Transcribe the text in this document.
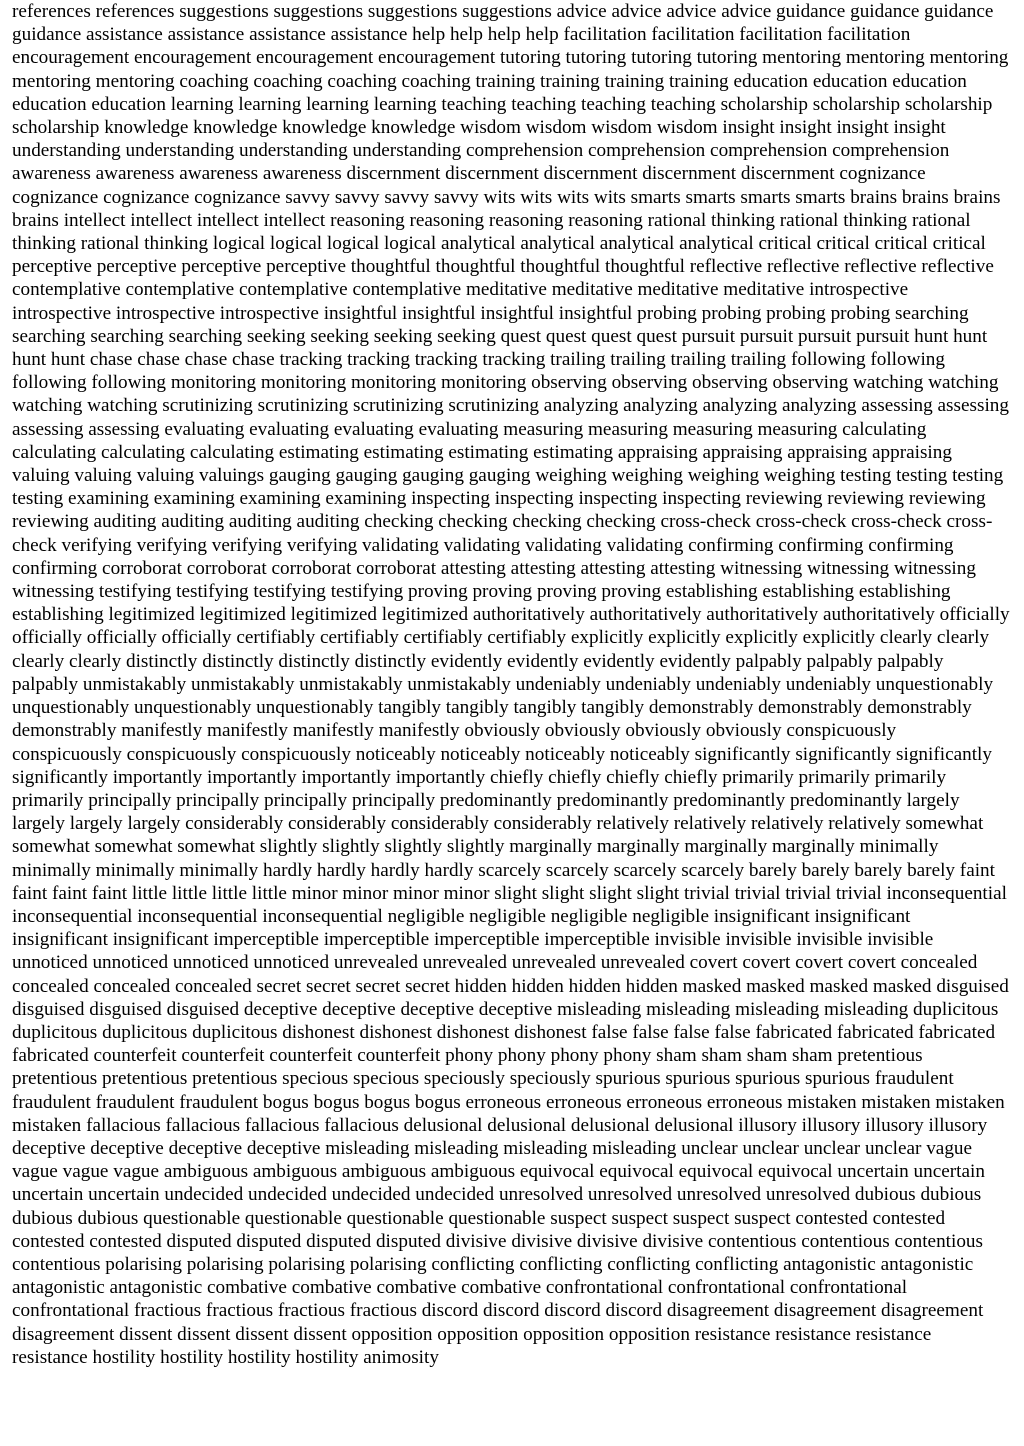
references references suggestions suggestions suggestions suggestions advice advice advice advice guidance guidance guidance guidance assistance assistance assistance assistance help help help help facilitation facilitation facilitation facilitation encouragement encouragement encouragement encouragement tutoring tutoring tutoring tutoring mentoring mentoring mentoring mentoring mentoring coaching coaching coaching coaching training training training training education education education education education learning learning learning learning teaching teaching teaching teaching scholarship scholarship scholarship scholarship knowledge knowledge knowledge knowledge wisdom wisdom wisdom wisdom insight insight insight insight understanding understanding understanding understanding comprehension comprehension comprehension comprehension awareness awareness awareness awareness discernment discernment discernment discernment discernment cognizance cognizance cognizance cognizance savvy savvy savvy savvy wits wits wits wits smarts smarts smarts smarts brains brains brains brains intellect intellect intellect intellect reasoning reasoning reasoning reasoning rational thinking rational thinking rational thinking rational thinking logical logical logical logical analytical analytical analytical analytical critical critical critical critical perceptive perceptive perceptive perceptive thoughtful thoughtful thoughtful thoughtful reflective reflective reflective reflective contemplative contemplative contemplative contemplative meditative meditative meditative meditative introspective introspective introspective introspective insightful insightful insightful insightful probing probing probing probing searching searching searching searching seeking seeking seeking seeking quest quest quest quest pursuit pursuit pursuit pursuit hunt hunt hunt hunt chase chase chase chase tracking tracking tracking tracking trailing trailing trailing trailing following following following following monitoring monitoring monitoring monitoring observing observing observing observing watching watching watching watching scrutinizing scrutinizing scrutinizing scrutinizing analyzing analyzing analyzing analyzing assessing assessing assessing assessing evaluating evaluating evaluating evaluating measuring measuring measuring measuring calculating calculating calculating calculating estimating estimating estimating estimating appraising appraising appraising appraising valuing valuing valuing valuings gauging gauging gauging gauging weighing weighing weighing weighing testing testing testing testing examining examining examining examining inspecting inspecting inspecting inspecting reviewing reviewing reviewing reviewing auditing auditing auditing auditing checking checking checking checking cross-check cross-check cross-check cross-check verifying verifying verifying verifying validating validating validating validating confirming confirming confirming confirming corroborat corroborat corroborat corroborat attesting attesting attesting attesting witnessing witnessing witnessing witnessing testifying testifying testifying testifying proving proving proving proving establishing establishing establishing establishing legitimized legitimized legitimized legitimized authoritatively authoritatively authoritatively authoritatively officially officially officially officially certifiably certifiably certifiably certifiably explicitly explicitly explicitly explicitly clearly clearly clearly clearly distinctly distinctly distinctly distinctly evidently evidently evidently evidently palpably palpably palpably palpably unmistakably unmistakably unmistakably unmistakably undeniably undeniably undeniably undeniably unquestionably unquestionably unquestionably unquestionably tangibly tangibly tangibly tangibly demonstrably demonstrably demonstrably demonstrably manifestly manifestly manifestly manifestly obviously obviously obviously obviously conspicuously conspicuously conspicuously conspicuously noticeably noticeably noticeably noticeably significantly significantly significantly significantly importantly importantly importantly importantly chiefly chiefly chiefly chiefly primarily primarily primarily primarily principally principally principally principally predominantly predominantly predominantly predominantly largely largely largely largely considerably considerably considerably considerably relatively relatively relatively relatively somewhat somewhat somewhat somewhat slightly slightly slightly slightly marginally marginally marginally marginally minimally minimally minimally minimally hardly hardly hardly hardly scarcely scarcely scarcely scarcely barely barely barely barely faint faint faint faint little little little little minor minor minor minor slight slight slight slight trivial trivial trivial trivial inconsequential inconsequential inconsequential inconsequential negligible negligible negligible negligible insignificant insignificant insignificant insignificant imperceptible imperceptible imperceptible imperceptible invisible invisible invisible invisible unnoticed unnoticed unnoticed unnoticed unrevealed unrevealed unrevealed unrevealed covert covert covert covert concealed concealed concealed concealed secret secret secret secret hidden hidden hidden hidden masked masked masked masked disguised disguised disguised disguised deceptive deceptive deceptive deceptive misleading misleading misleading misleading duplicitous duplicitous duplicitous duplicitous dishonest dishonest dishonest dishonest false false false false fabricated fabricated fabricated fabricated counterfeit counterfeit counterfeit counterfeit phony phony phony phony sham sham sham sham pretentious pretentious pretentious pretentious specious specious speciously speciously spurious spurious spurious spurious fraudulent fraudulent fraudulent fraudulent bogus bogus bogus bogus erroneous erroneous erroneous erroneous mistaken mistaken mistaken mistaken fallacious fallacious fallacious fallacious delusional delusional delusional delusional illusory illusory illusory illusory deceptive deceptive deceptive deceptive misleading misleading misleading misleading unclear unclear unclear unclear vague vague vague vague ambiguous ambiguous ambiguous ambiguous equivocal equivocal equivocal equivocal uncertain uncertain uncertain uncertain undecided undecided undecided undecided unresolved unresolved unresolved unresolved dubious dubious dubious dubious questionable questionable questionable questionable suspect suspect suspect suspect contested contested contested contested disputed disputed disputed disputed divisive divisive divisive divisive contentious contentious contentious contentious polarising polarising polarising polarising conflicting conflicting conflicting conflicting antagonistic antagonistic antagonistic antagonistic combative combative combative combative confrontational confrontational confrontational confrontational fractious fractious fractious fractious discord discord discord discord disagreement disagreement disagreement disagreement dissent dissent dissent dissent opposition opposition opposition opposition resistance resistance resistance resistance hostility hostility hostility hostility animosity
